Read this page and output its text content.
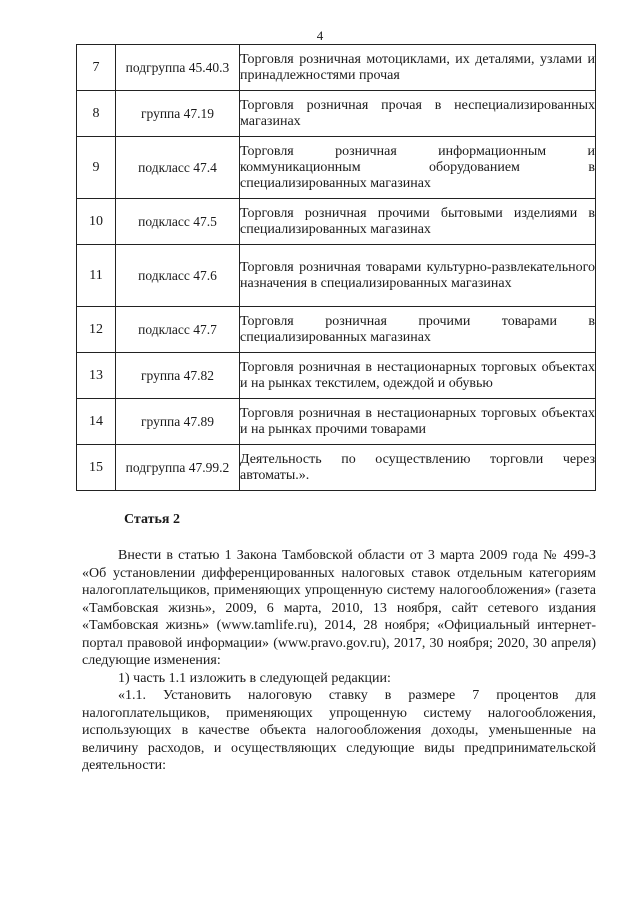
4
7	подгруппа 45.40.3	Торговля розничная мотоциклами, их деталями, узлами и принадлежностями прочая
8	группа 47.19	Торговля розничная прочая в неспециализированных магазинах
9	подкласс 47.4	Торговля розничная информационным и коммуникационным оборудованием в специализированных магазинах
10	подкласс 47.5	Торговля розничная прочими бытовыми изделиями в специализированных магазинах
11	подкласс 47.6	Торговля розничная товарами культурно-развлекательного назначения в специализированных магазинах
12	подкласс 47.7	Торговля розничная прочими товарами в специализированных магазинах
13	группа 47.82	Торговля розничная в нестационарных торговых объектах и на рынках текстилем, одеждой и обувью
14	группа 47.89	Торговля розничная в нестационарных торговых объектах и на рынках прочими товарами
15	подгруппа 47.99.2	Деятельность по осуществлению торговли через автоматы.».
Статья 2

Внести в статью 1 Закона Тамбовской области от 3 марта 2009 года № 499-З «Об установлении дифференцированных налоговых ставок отдельным категориям налогоплательщиков, применяющих упрощенную систему налогообложения» (газета «Тамбовская жизнь», 2009, 6 марта, 2010, 13 ноября, сайт сетевого издания «Тамбовская жизнь» (www.tamlife.ru), 2014, 28 ноября; «Официальный интернет-портал правовой информации» (www.pravo.gov.ru), 2017, 30 ноября; 2020, 30 апреля) следующие изменения:

1) часть 1.1 изложить в следующей редакции:

«1.1. Установить налоговую ставку в размере 7 процентов для налогоплательщиков, применяющих упрощенную систему налогообложения, использующих в качестве объекта налогообложения доходы, уменьшенные на величину расходов, и осуществляющих следующие виды предпринимательской деятельности:
